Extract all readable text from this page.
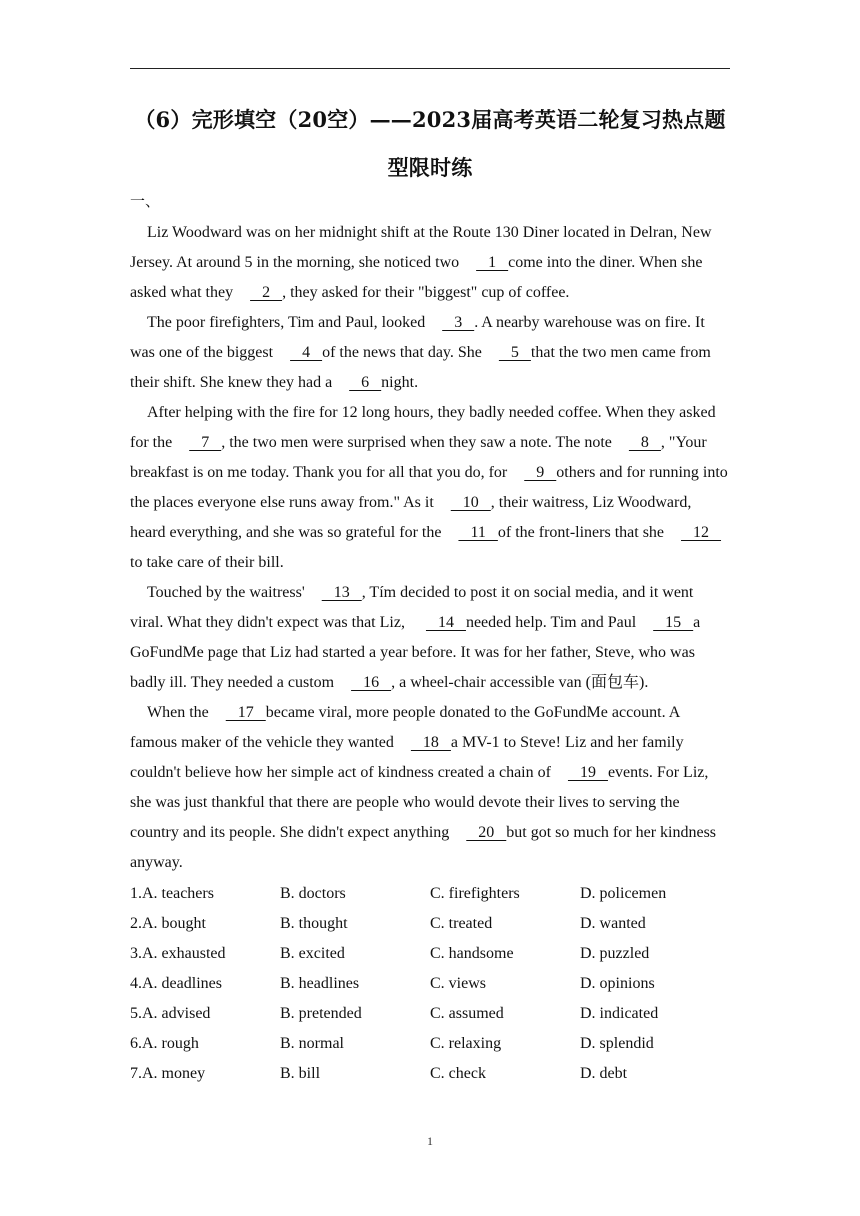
（6）完形填空（20空）——2023届高考英语二轮复习热点题
型限时练
一、

Liz Woodward was on her midnight shift at the Route 130 Diner located in Delran, New Jersey. At around 5 in the morning, she noticed two   1   come into the diner. When she asked what they   2   , they asked for their "biggest" cup of coffee.

The poor firefighters, Tim and Paul, looked   3   . A nearby warehouse was on fire. It was one of the biggest   4   of the news that day. She   5   that the two men came from their shift. She knew they had a   6   night.

After helping with the fire for 12 long hours, they badly needed coffee. When they asked for the   7   , the two men were surprised when they saw a note. The note   8   , "Your breakfast is on me today. Thank you for all that you do, for   9   others and for running into the places everyone else runs away from." As it   10   , their waitress, Liz Woodward, heard everything, and she was so grateful for the   11   of the front-liners that she   12   to take care of their bill.

Touched by the waitress'   13   , Tím decided to post it on social media, and it went viral. What they didn't expect was that Liz,    14   needed help. Tim and Paul   15   a GoFundMe page that Liz had started a year before. It was for her father, Steve, who was badly ill. They needed a custom   16   , a wheel-chair accessible van (面包车).

When the   17   became viral, more people donated to the GoFundMe account. A famous maker of the vehicle they wanted   18   a MV-1 to Steve! Liz and her family couldn't believe how her simple act of kindness created a chain of   19   events. For Liz, she was just thankful that there are people who would devote their lives to serving the country and its people. She didn't expect anything   20   but got so much for her kindness anyway.

1.A. teachers	B. doctors	C. firefighters	D. policemen
2.A. bought	B. thought	C. treated	D. wanted
3.A. exhausted	B. excited	C. handsome	D. puzzled
4.A. deadlines	B. headlines	C. views	D. opinions
5.A. advised	B. pretended	C. assumed	D. indicated
6.A. rough	B. normal	C. relaxing	D. splendid
7.A. money	B. bill	C. check	D. debt
1
